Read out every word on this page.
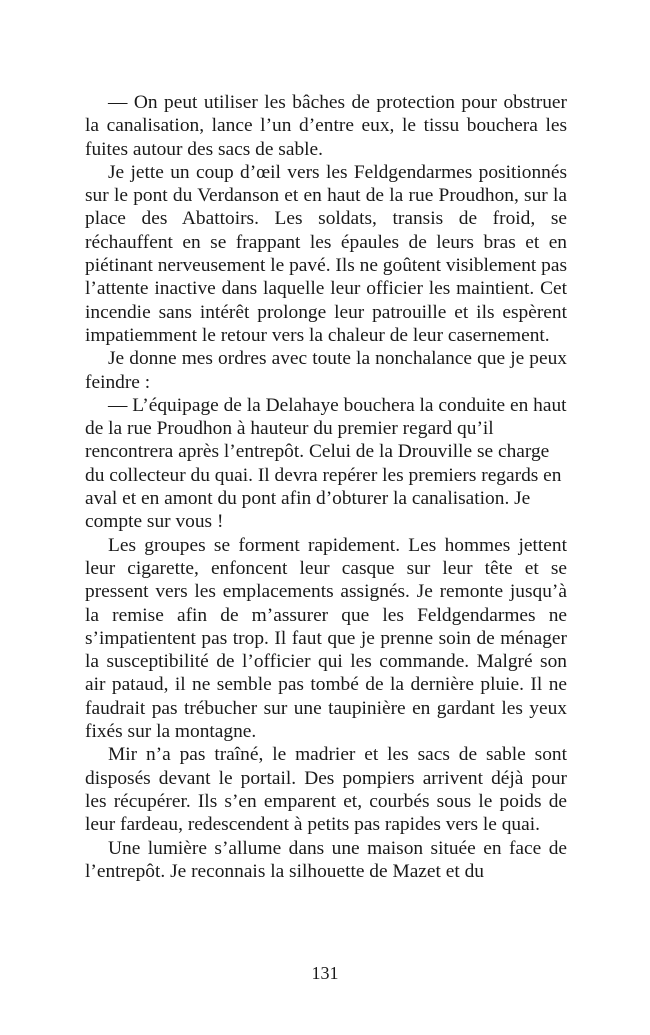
— On peut utiliser les bâches de protection pour obstruer la canalisation, lance l’un d’entre eux, le tissu bouchera les fuites autour des sacs de sable.

Je jette un coup d’œil vers les Feldgendarmes positionnés sur le pont du Verdanson et en haut de la rue Proudhon, sur la place des Abattoirs. Les soldats, transis de froid, se réchauffent en se frappant les épaules de leurs bras et en piétinant nerveusement le pavé. Ils ne goûtent visiblement pas l’attente inactive dans laquelle leur officier les maintient. Cet incendie sans intérêt prolonge leur patrouille et ils espèrent impatiemment le retour vers la chaleur de leur casernement.

Je donne mes ordres avec toute la nonchalance que je peux feindre :

— L’équipage de la Delahaye bouchera la conduite en haut de la rue Proudhon à hauteur du premier regard qu’il rencontrera après l’entrepôt. Celui de la Drouville se charge du collecteur du quai. Il devra repérer les premiers regards en aval et en amont du pont afin d’obturer la canalisation. Je compte sur vous !

Les groupes se forment rapidement. Les hommes jettent leur cigarette, enfoncent leur casque sur leur tête et se pressent vers les emplacements assignés. Je remonte jusqu’à la remise afin de m’assurer que les Feldgendarmes ne s’impatientent pas trop. Il faut que je prenne soin de ménager la susceptibilité de l’officier qui les commande. Malgré son air pataud, il ne semble pas tombé de la dernière pluie. Il ne faudrait pas trébucher sur une taupinière en gardant les yeux fixés sur la montagne.

Mir n’a pas traîné, le madrier et les sacs de sable sont disposés devant le portail. Des pompiers arrivent déjà pour les récupérer. Ils s’en emparent et, courbés sous le poids de leur fardeau, redescendent à petits pas rapides vers le quai.

Une lumière s’allume dans une maison située en face de l’entrepôt. Je reconnais la silhouette de Mazet et du

131
